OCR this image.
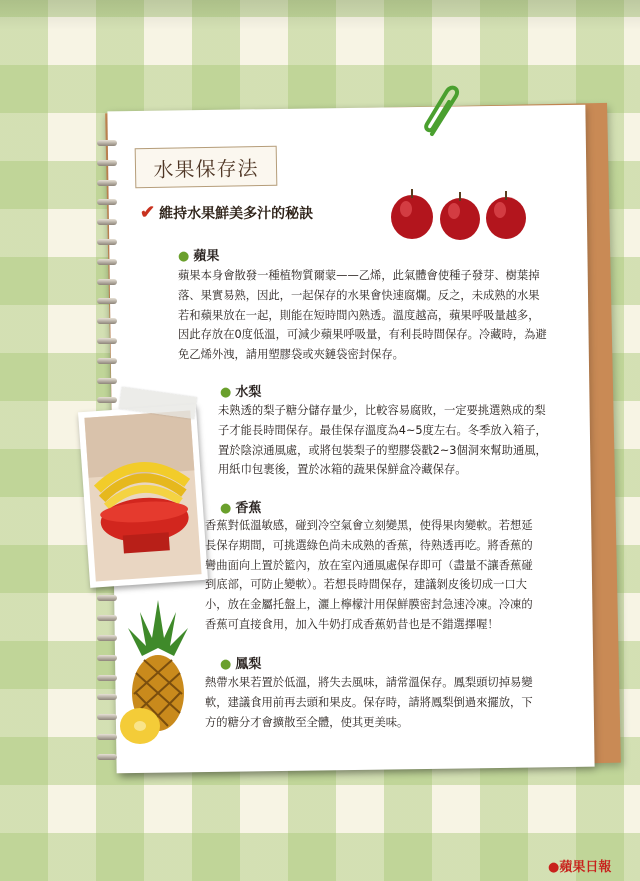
水果保存法
✔ 維持水果鮮美多汁的秘訣
● 蘋果
蘋果本身會散發一種植物質爾蒙——乙烯，此氣體會使種子發芽、樹葉掉
落、果實易熟，因此，一起保存的水果會快速腐爛。反之，未成熟的水果
若和蘋果放在一起，則能在短時間內熟透。溫度越高，蘋果呼吸量越多，
因此存放在0度低溫，可減少蘋果呼吸量，有利長時間保存。冷藏時，為避
免乙烯外洩，請用塑膠袋或夾鏈袋密封保存。
● 水梨
未熟透的梨子糖分儲存量少，比較容易腐敗，一定要挑選熟成的梨
子才能長時間保存。最佳保存溫度為4~5度左右。冬季放入箱子，
置於陰涼通風處，或將包裝梨子的塑膠袋戳2~3個洞來幫助通風，
用紙巾包裹後，置於冰箱的蔬果保鮮盒冷藏保存。
● 香蕉
香蕉對低溫敏感，碰到冷空氣會立刻變黑，使得果肉變軟。若想延
長保存期間，可挑選綠色尚未成熟的香蕉，待熟透再吃。將香蕉的
彎曲面向上置於籃內，放在室內通風處保存即可（盡量不讓香蕉碰
到底部，可防止變軟）。若想長時間保存，建議剝皮後切成一口大
小，放在金屬托盤上，灑上檸檬汁用保鮮膜密封急速冷凍。冷凍的
香蕉可直接食用，加入牛奶打成香蕉奶昔也是不錯選擇喔！
● 鳳梨
熱帶水果若置於低溫，將失去風味，請常溫保存。鳳梨頭切掉易變
軟，建議食用前再去頭和果皮。保存時，請將鳳梨倒過來擺放，下
方的糖分才會擴散至全體，使其更美味。
●蘋果日報
